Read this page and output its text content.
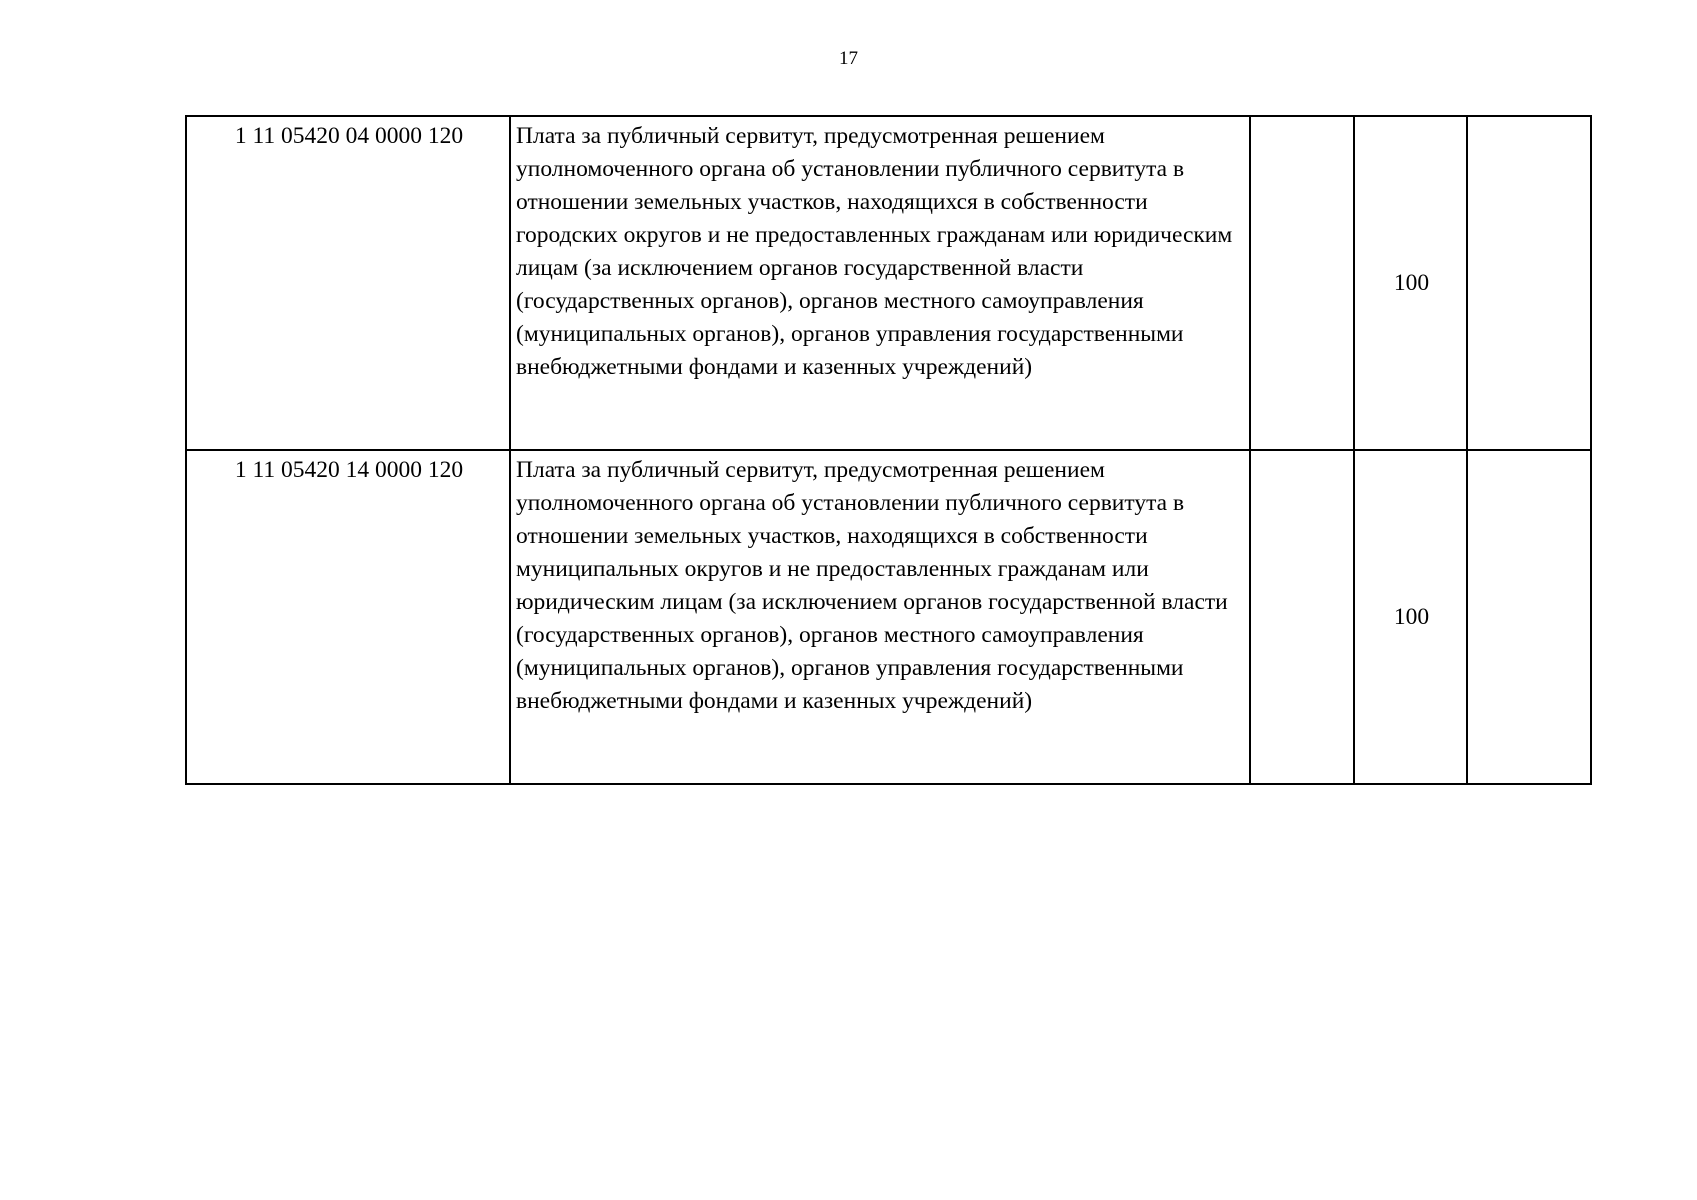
17
1 11 05420 04 0000 120	Плата за публичный сервитут, предусмотренная решением уполномоченного органа об установлении публичного сервитута в отношении земельных участков, находящихся в собственности городских округов и не предоставленных гражданам или юридическим лицам (за исключением органов государственной власти (государственных органов), органов местного самоуправления (муниципальных органов), органов управления государственными внебюджетными фондами и казенных учреждений)		100	
1 11 05420 14 0000 120	Плата за публичный сервитут, предусмотренная решением уполномоченного органа об установлении публичного сервитута в отношении земельных участков, находящихся в собственности муниципальных округов и не предоставленных гражданам или юридическим лицам (за исключением органов государственной власти (государственных органов), органов местного самоуправления (муниципальных органов), органов управления государственными внебюджетными фондами и казенных учреждений)		100	
